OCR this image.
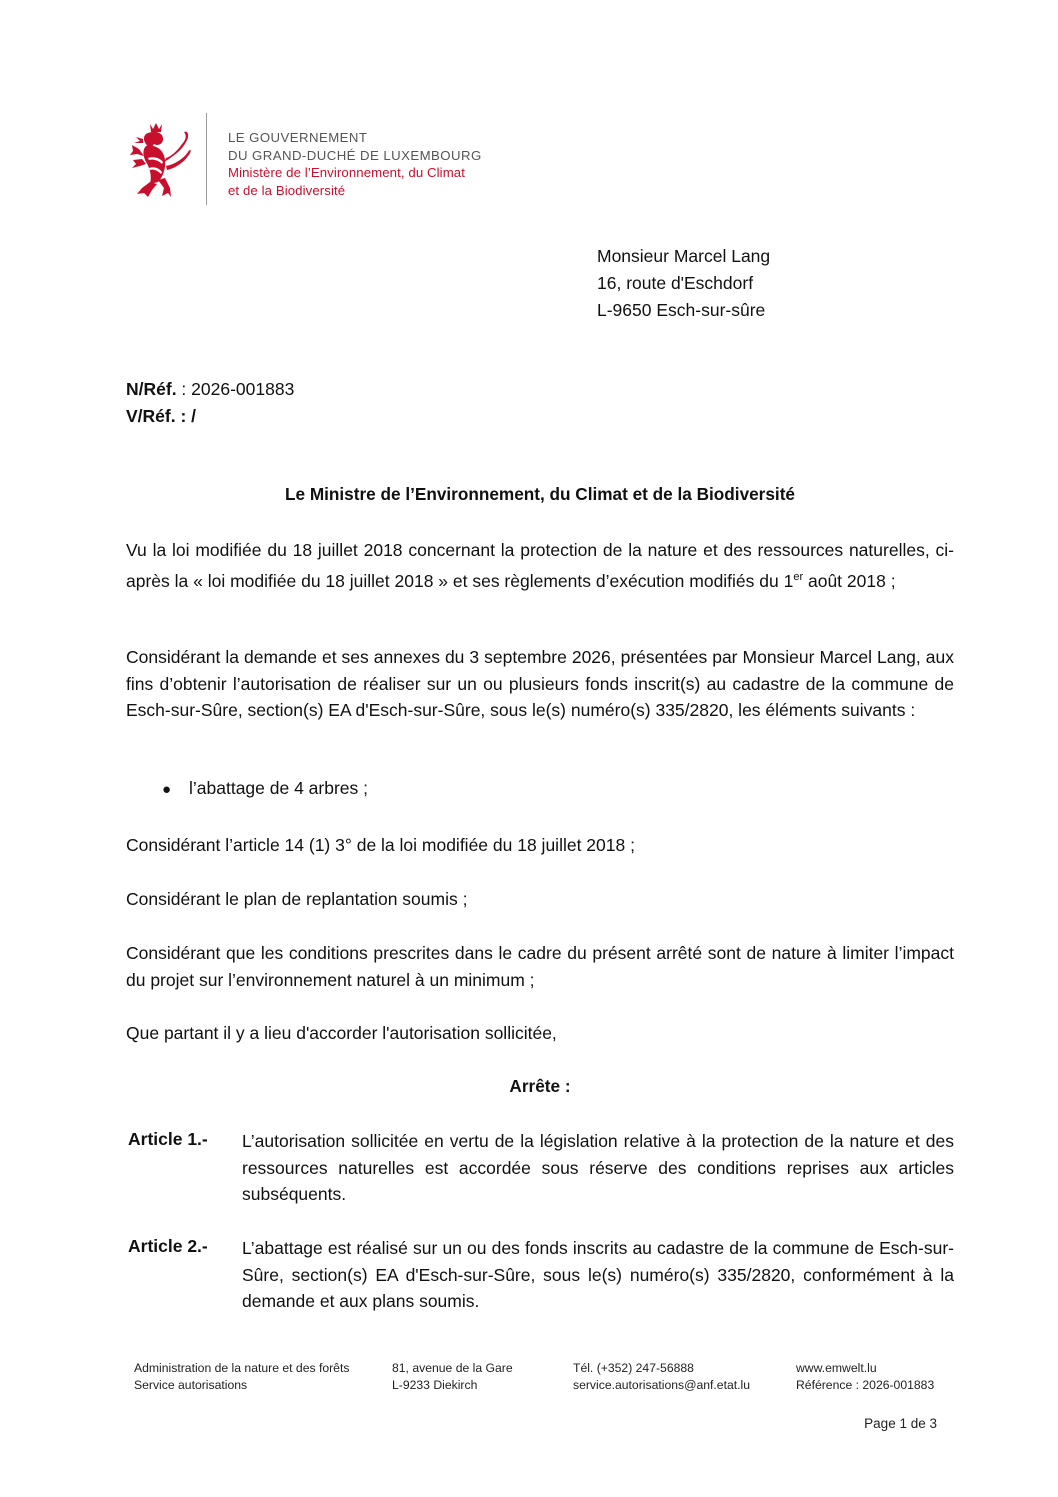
LE GOUVERNEMENT
DU GRAND-DUCHÉ DE LUXEMBOURG
Ministère de l’Environnement, du Climat
et de la Biodiversité
Monsieur Marcel Lang
16, route d'Eschdorf
L-9650 Esch-sur-sûre
N/Réf. : 2026-001883
V/Réf. : /
Le Ministre de l’Environnement, du Climat et de la Biodiversité
Vu la loi modifiée du 18 juillet 2018 concernant la protection de la nature et des ressources naturelles, ci-après la « loi modifiée du 18 juillet 2018 » et ses règlements d’exécution modifiés du 1er août 2018 ;
Considérant la demande et ses annexes du 3 septembre 2026, présentées par Monsieur Marcel Lang, aux fins d’obtenir l’autorisation de réaliser sur un ou plusieurs fonds inscrit(s) au cadastre de la commune de Esch-sur-Sûre, section(s) EA d'Esch-sur-Sûre, sous le(s) numéro(s) 335/2820, les éléments suivants :
● l’abattage de 4 arbres ;
Considérant l’article 14 (1) 3° de la loi modifiée du 18 juillet 2018 ;
Considérant le plan de replantation soumis ;
Considérant que les conditions prescrites dans le cadre du présent arrêté sont de nature à limiter l’impact du projet sur l’environnement naturel à un minimum ;
Que partant il y a lieu d'accorder l'autorisation sollicitée,
Arrête :
Article 1.- L’autorisation sollicitée en vertu de la législation relative à la protection de la nature et des ressources naturelles est accordée sous réserve des conditions reprises aux articles subséquents.
Article 2.- L’abattage est réalisé sur un ou des fonds inscrits au cadastre de la commune de Esch-sur-Sûre, section(s) EA d'Esch-sur-Sûre, sous le(s) numéro(s) 335/2820, conformément à la demande et aux plans soumis.
Administration de la nature et des forêts
Service autorisations
81, avenue de la Gare
L-9233 Diekirch
Tél. (+352) 247-56888
service.autorisations@anf.etat.lu
www.emwelt.lu
Référence : 2026-001883
Page 1 de 3
